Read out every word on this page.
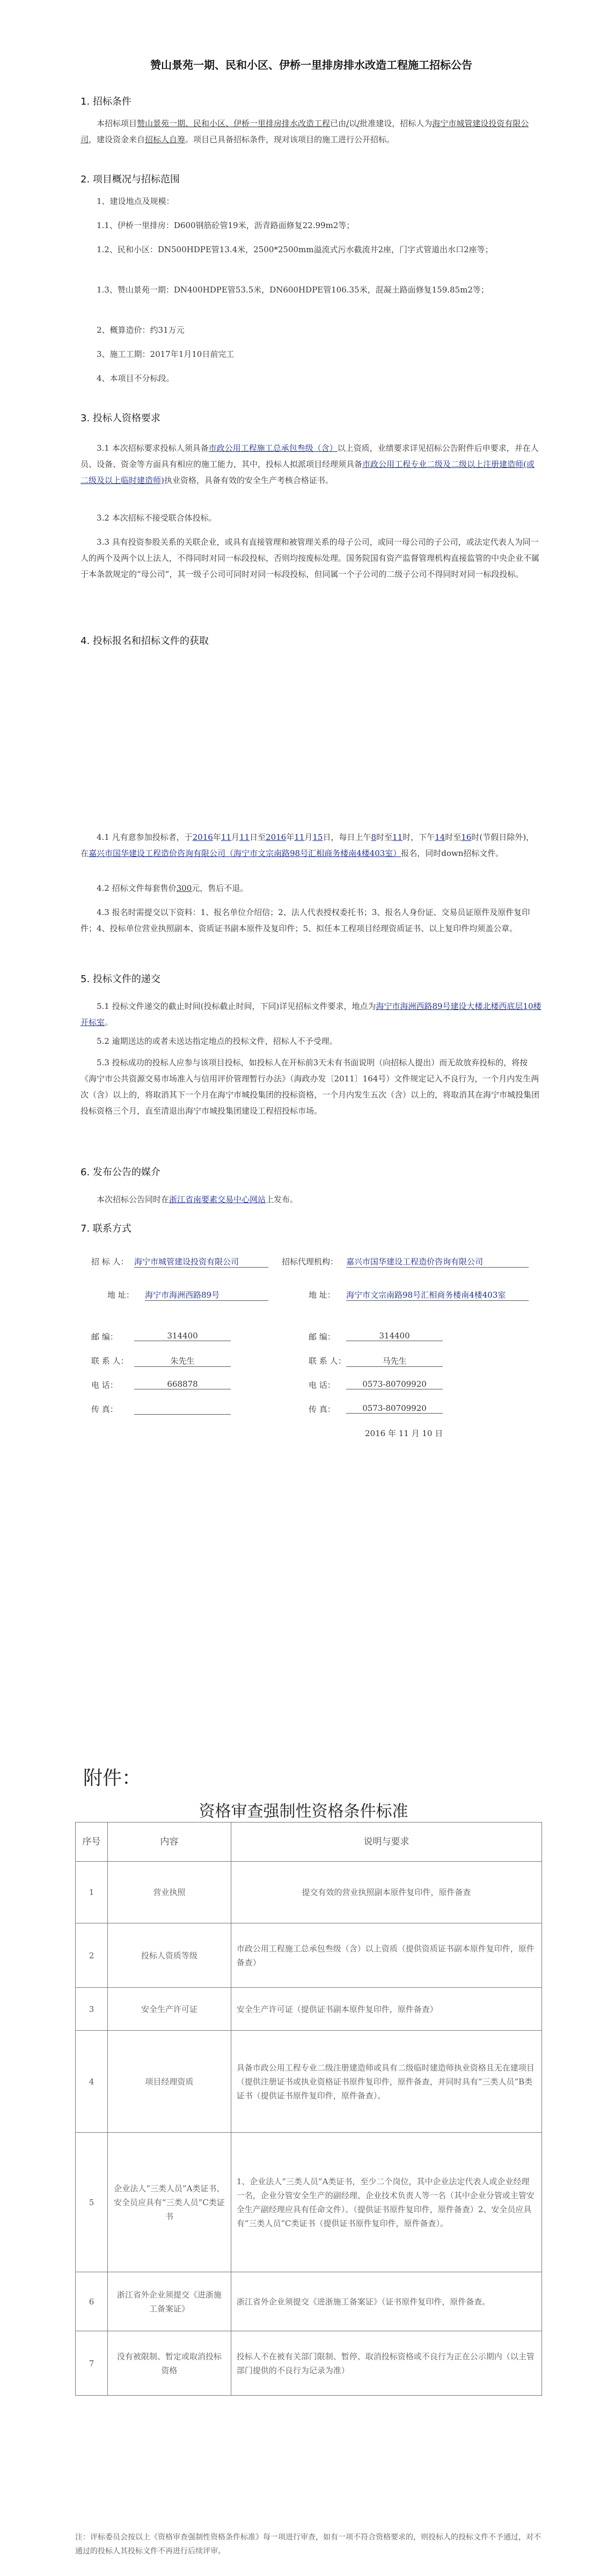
赞山景苑一期、民和小区、伊桥一里排房排水改造工程施工招标公告
1. 招标条件
本招标项目赞山景苑一期、民和小区、伊桥一里排房排水改造工程已由/以/批准建设，招标人为海宁市城管建设投资有限公司，建设资金来自招标人自筹。项目已具备招标条件，现对该项目的施工进行公开招标。
2. 项目概况与招标范围
1、建设地点及规模：
1.1、伊桥一里排房：D600钢筋砼管19米，沥青路面修复22.99m2等；
1.2、民和小区：DN500HDPE管13.4米，2500*2500mm溢流式污水截流井2座，门字式管道出水口2座等；
1.3、赞山景苑一期：DN400HDPE管53.5米，DN600HDPE管106.35米，混凝土路面修复159.85m2等；
2、概算造价：约31万元
3、施工工期：2017年1月10日前完工
4、本项目不分标段。
3. 投标人资格要求
3.1 本次招标要求投标人须具备市政公用工程施工总承包叁级（含）以上资质，业绩要求详见招标公告附件后申要求，并在人员、设备、资金等方面具有相应的施工能力，其中，投标人拟派项目经理须具备市政公用工程专业二级及二级以上注册建造师(或二级及以上临时建造师)执业资格，具备有效的安全生产考核合格证书。
3.2 本次招标不接受联合体投标。
3.3 具有投资参股关系的关联企业，或具有直接管理和被管理关系的母子公司，或同一母公司的子公司，或法定代表人为同一人的两个及两个以上法人，不得同时对同一标段投标，否则均按废标处理。国务院国有资产监督管理机构直接监管的中央企业不属于本条款规定的“母公司”，其一级子公司可同时对同一标段投标，但同属一个子公司的二级子公司不得同时对同一标段投标。
4. 投标报名和招标文件的获取
4.1 凡有意参加投标者，于2016年11月11日至2016年11月15日，每日上午8时至11时，下午14时至16时(节假日除外)，在嘉兴市国华建设工程造价咨询有限公司（海宁市文宗南路98号汇相商务楼南4楼403室）报名，同时down招标文件。
4.2 招标文件每套售价300元，售后不退。
4.3 报名时需提交以下资料：1、报名单位介绍信；2、法人代表授权委托书；3、报名人身份证、交易员证原件及原件复印件；4、投标单位营业执照副本、资质证书副本原件及复印件；5、拟任本工程项目经理资质证书、以上复印件均须盖公章。
5. 投标文件的递交
5.1 投标文件递交的截止时间(投标截止时间，下同)详见招标文件要求，地点为海宁市海洲西路89号建设大楼北楼西底层10楼开标室。
5.2 逾期送达的或者未送达指定地点的投标文件，招标人不予受理。
5.3 投标成功的投标人应参与该项目投标，如投标人在开标前3天未有书面说明（向招标人提出）而无故放弃投标的，将按《海宁市公共资源交易市场准入与信用评价管理暂行办法》（海政办发〔2011〕164号）文件规定记入不良行为，一个月内发生两次（含）以上的，将取消其下一个月在海宁市城投集团的投标资格，一个月内发生五次（含）以上的，将取消其在海宁市城投集团投标资格三个月，直至清退出海宁市城投集团建设工程招投标市场。
6. 发布公告的媒介
本次招标公告同时在浙江省南要素交易中心网站上发布。
7. 联系方式
招 标 人： 海宁市城管建设投资有限公司	招标代理机构： 嘉兴市国华建设工程造价咨询有限公司
地 址： 海宁市海洲西路89号	地 址： 海宁市文宗南路98号汇相商务楼南4楼403室
邮 编：	314400	邮 编：	314400
联 系 人：	朱先生	联 系 人：	马先生
电 话：	668878	电 话：	0573-80709920
传 真：	传 真：	0573-80709920
2016 年 11 月 10 日
附件：
资格审查强制性资格条件标准
序号	内容	说明与要求
1	营业执照	提交有效的营业执照副本原件复印件，原件备查
2	投标人资质等级	市政公用工程施工总承包叁级（含）以上资质（提供资质证书副本原件复印件，原件备查）
3	安全生产许可证	安全生产许可证（提供证书副本原件复印件，原件备查）
4	项目经理资质	具备市政公用工程专业二级注册建造师或具有二级临时建造师执业资格且无在建项目（提供注册证书或执业资格证书原件复印件，原件备查，并同时具有“三类人员”B类证书（提供证书原件复印件，原件备查）。
5	企业法人“三类人员”A类证书、安全员应具有“三类人员”C类证书	1、企业法人“三类人员”A类证书，至少二个岗位，其中企业法定代表人或企业经理一名，企业分管安全生产的副经理、企业技术负责人等一名（其中企业分管或主管安全生产副经理应具有任命文件）。（提供证书原件复印件，原件备查）2、安全员应具有“三类人员”C类证书（提供证书原件复印件，原件备查）。
6	浙江省外企业须提交《进浙施工备案证》	浙江省外企业须提交《进浙施工备案证》（证书原件复印件，原件备查。
7	没有被限制、暂定或取消投标资格	投标人不在被有关部门限制、暂停、取消投标资格或不良行为正在公示期内（以主管部门提供的不良行为记录为准）
注：评标委员会按以上《资格审查强制性资格条件标准》每一项进行审查，如有一项不符合资格要求的，则投标人的投标文件不予通过，对不通过的投标人其投标文件不再进行后续评审。
